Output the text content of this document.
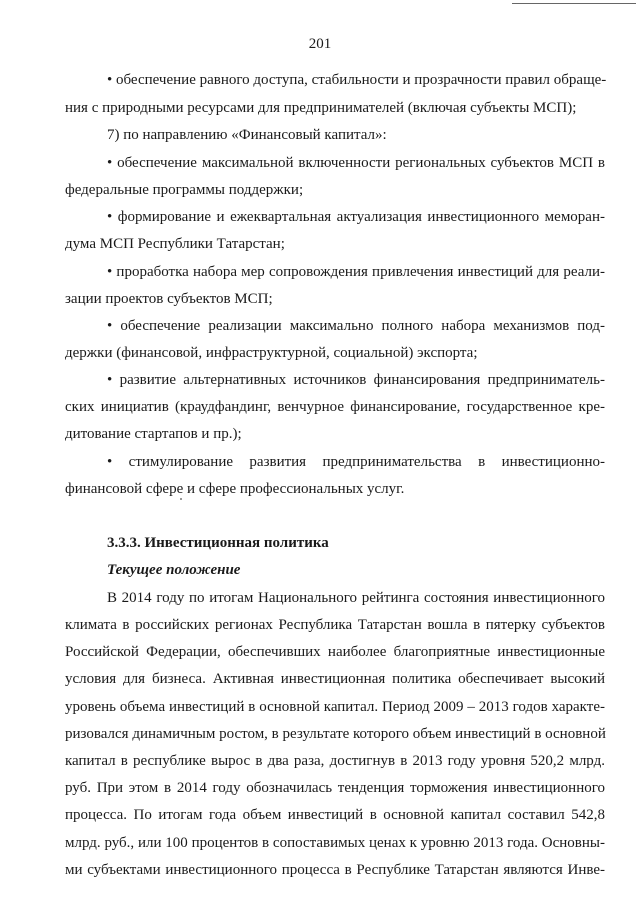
201
• обеспечение равного доступа, стабильности и прозрачности правил обраще-
ния с природными ресурсами для предпринимателей (включая субъекты МСП);
7) по направлению «Финансовый капитал»:
• обеспечение максимальной включенности региональных субъектов МСП в
федеральные программы поддержки;
• формирование и ежеквартальная актуализация инвестиционного меморан-
дума МСП Республики Татарстан;
• проработка набора мер сопровождения привлечения инвестиций для реали-
зации проектов субъектов МСП;
• обеспечение реализации максимально полного набора механизмов под-
держки (финансовой, инфраструктурной, социальной) экспорта;
• развитие альтернативных источников финансирования предприниматель-
ских инициатив (краудфандинг, венчурное финансирование, государственное кре-
дитование стартапов и пр.);
• стимулирование развития предпринимательства в инвестиционно-
финансовой сфере и сфере профессиональных услуг.
3.3.3. Инвестиционная политика
Текущее положение
В 2014 году по итогам Национального рейтинга состояния инвестиционного
климата в российских регионах Республика Татарстан вошла в пятерку субъектов
Российской Федерации, обеспечивших наиболее благоприятные инвестиционные
условия для бизнеса. Активная инвестиционная политика обеспечивает высокий
уровень объема инвестиций в основной капитал. Период 2009 – 2013 годов характе-
ризовался динамичным ростом, в результате которого объем инвестиций в основной
капитал в республике вырос в два раза, достигнув в 2013 году уровня 520,2 млрд.
руб. При этом в 2014 году обозначилась тенденция торможения инвестиционного
процесса. По итогам года объем инвестиций в основной капитал составил 542,8
млрд. руб., или 100 процентов в сопоставимых ценах к уровню 2013 года. Основны-
ми субъектами инвестиционного процесса в Республике Татарстан являются Инве-
